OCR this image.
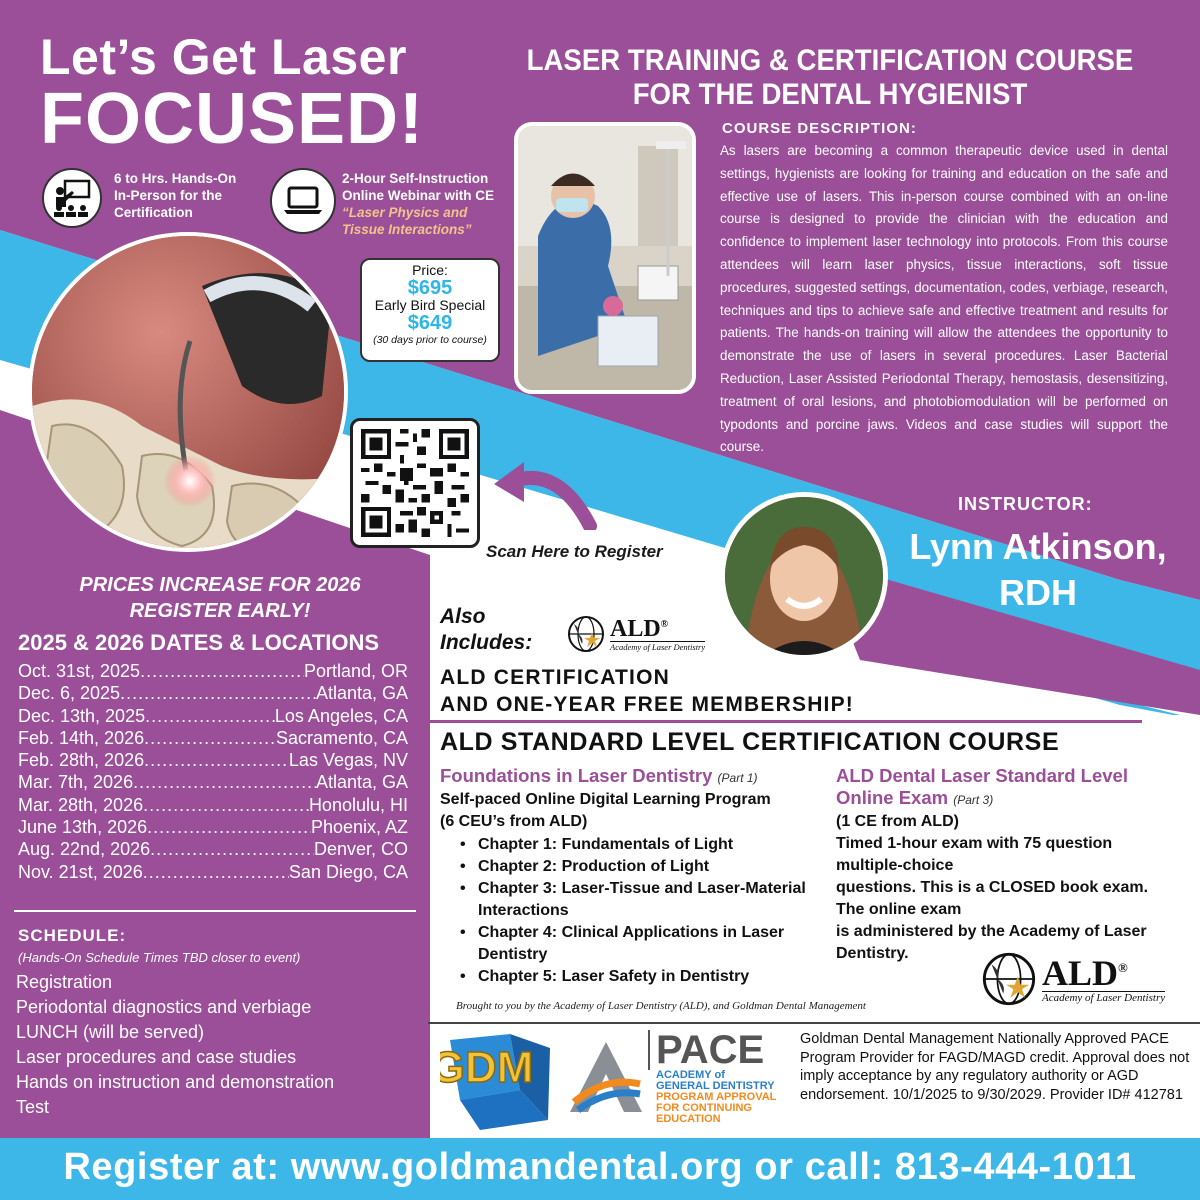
Let’s Get Laser
FOCUSED!
LASER TRAINING & CERTIFICATION COURSE
FOR THE DENTAL HYGIENIST
6 to Hrs. Hands-On
In-Person for the
Certification
2-Hour Self-Instruction
Online Webinar with CE
“Laser Physics and
Tissue Interactions”
Price:
$695
Early Bird Special
$649
(30 days prior to course)
COURSE DESCRIPTION:
As lasers are becoming a common therapeutic device used in dental settings, hygienists are looking for training and education on the safe and effective use of lasers. This in-person course combined with an on-line course is designed to provide the clinician with the education and confidence to implement laser technology into protocols. From this course attendees will learn laser physics, tissue interactions, soft tissue procedures, suggested settings, documentation, codes, verbiage, research, techniques and tips to achieve safe and effective treatment and results for patients. The hands-on training will allow the attendees the opportunity to demonstrate the use of lasers in several procedures. Laser Bacterial Reduction, Laser Assisted Periodontal Therapy, hemostasis, desensitizing, treatment of oral lesions, and photobiomodulation will be performed on typodonts and porcine jaws. Videos and case studies will support the course.
Scan Here to Register
INSTRUCTOR:
Lynn Atkinson,
RDH
PRICES INCREASE FOR 2026
REGISTER EARLY!
2025 & 2026 DATES & LOCATIONS
Oct. 31st, 2025 .....	Portland, OR
Dec. 6, 2025 .....	Atlanta, GA
Dec. 13th, 2025 .....	Los Angeles, CA
Feb. 14th, 2026 .....	Sacramento, CA
Feb. 28th, 2026 .....	Las Vegas, NV
Mar. 7th, 2026 .....	Atlanta, GA
Mar. 28th, 2026 .....	Honolulu, HI
June 13th, 2026 .....	Phoenix, AZ
Aug. 22nd, 2026 .....	Denver, CO
Nov. 21st, 2026 .....	San Diego, CA
SCHEDULE:
(Hands-On Schedule Times TBD closer to event)
Registration
Periodontal diagnostics and verbiage
LUNCH (will be served)
Laser procedures and case studies
Hands on instruction and demonstration
Test
Also
Includes:
ALD®
Academy of Laser Dentistry
ALD CERTIFICATION
AND ONE-YEAR FREE MEMBERSHIP!
ALD STANDARD LEVEL CERTIFICATION COURSE
Foundations in Laser Dentistry (Part 1)
Self-paced Online Digital Learning Program
(6 CEU’s from ALD)
• Chapter 1: Fundamentals of Light
• Chapter 2: Production of Light
• Chapter 3: Laser-Tissue and Laser-Material Interactions
• Chapter 4: Clinical Applications in Laser Dentistry
• Chapter 5: Laser Safety in Dentistry
ALD Dental Laser Standard Level
Online Exam (Part 3)
(1 CE from ALD)
Timed 1-hour exam with 75 question
multiple-choice
questions. This is a CLOSED book exam.
The online exam
is administered by the Academy of Laser
Dentistry.	ALD®
Academy of Laser Dentistry
Brought to you by the Academy of Laser Dentistry (ALD), and Goldman Dental Management
GDM	PACE
ACADEMY of
GENERAL DENTISTRY
PROGRAM APPROVAL
FOR CONTINUING
EDUCATION
Goldman Dental Management Nationally Approved PACE Program Provider for FAGD/MAGD credit. Approval does not imply acceptance by any regulatory authority or AGD endorsement. 10/1/2025 to 9/30/2029. Provider ID# 412781
Register at: www.goldmandental.org or call: 813-444-1011
